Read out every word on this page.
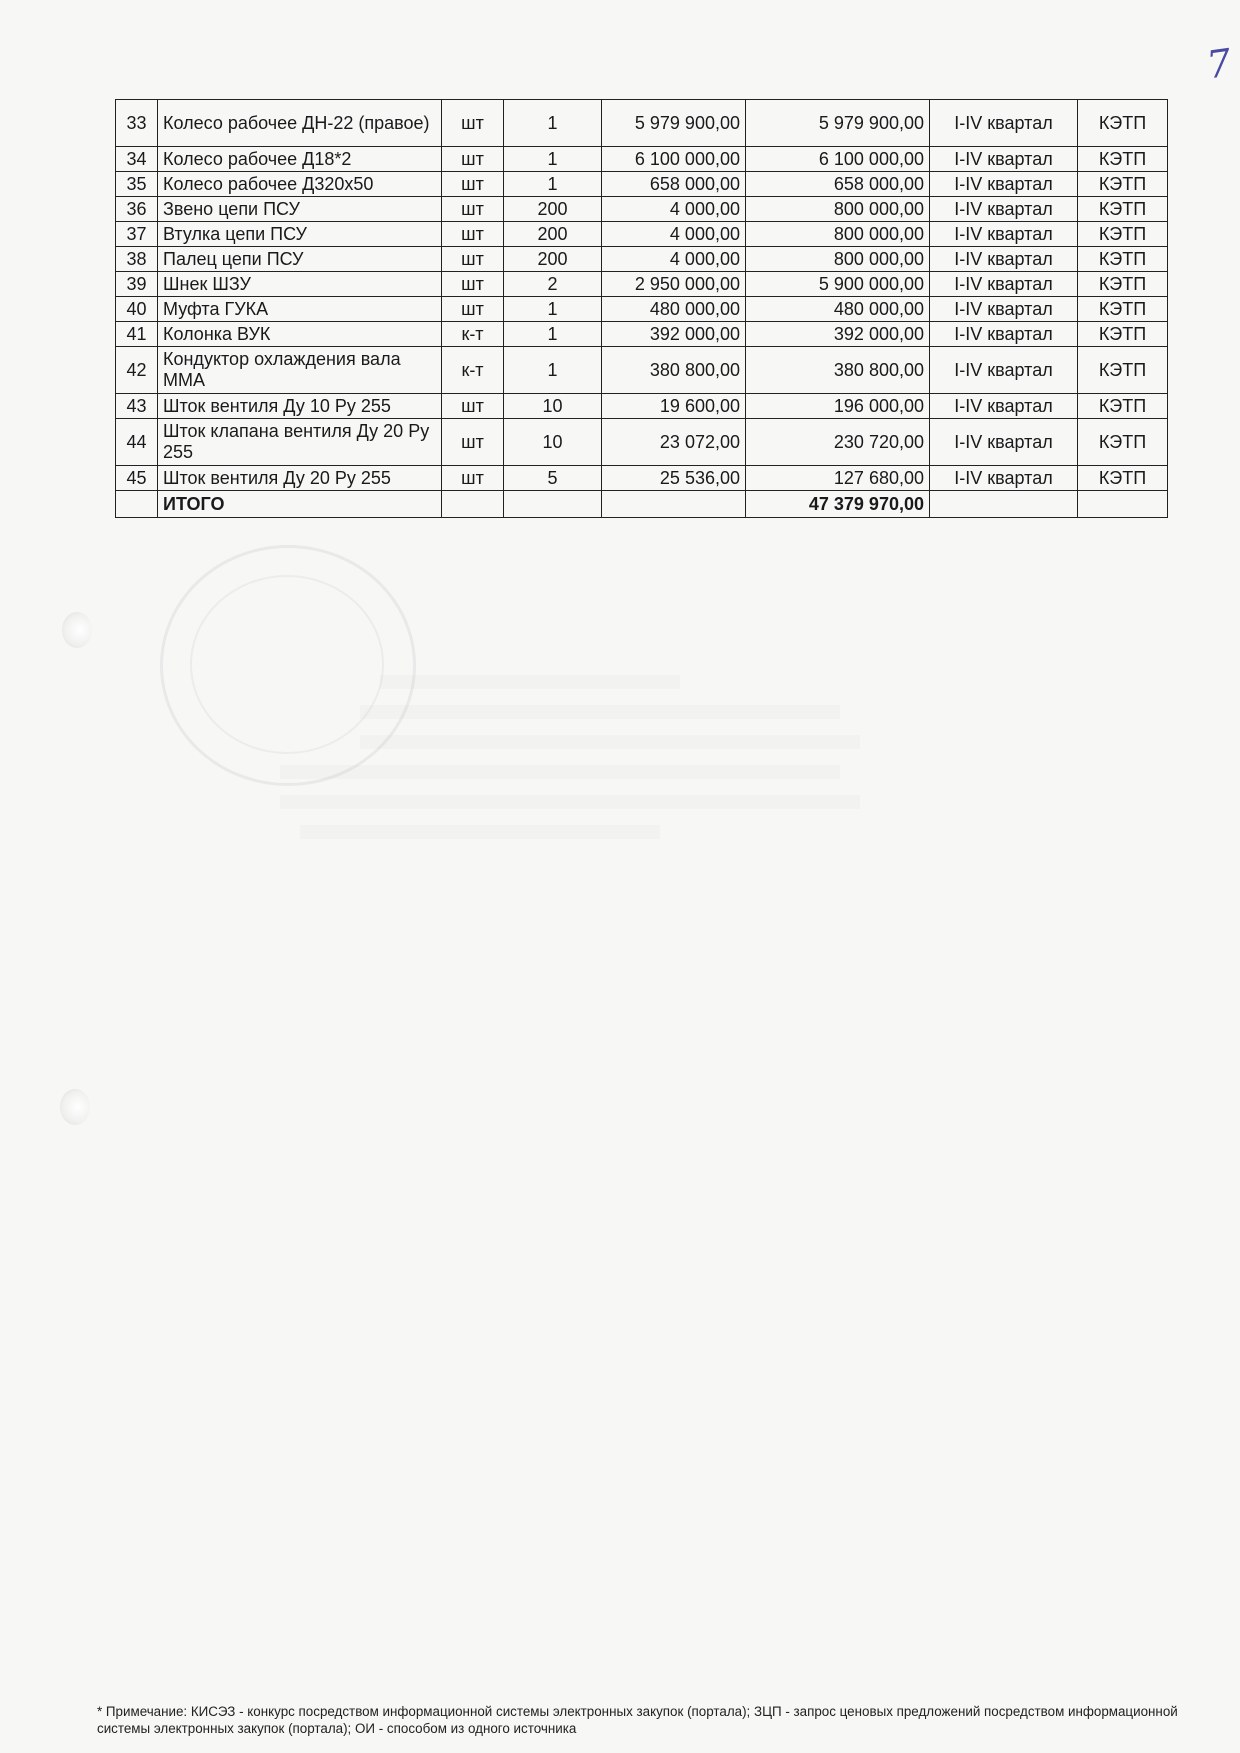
7
33	Колесо рабочее ДН-22 (правое)	шт	1	5 979 900,00	5 979 900,00	I-IV квартал	КЭТП
34	Колесо рабочее Д18*2	шт	1	6 100 000,00	6 100 000,00	I-IV квартал	КЭТП
35	Колесо рабочее Д320х50	шт	1	658 000,00	658 000,00	I-IV квартал	КЭТП
36	Звено цепи ПСУ	шт	200	4 000,00	800 000,00	I-IV квартал	КЭТП
37	Втулка цепи ПСУ	шт	200	4 000,00	800 000,00	I-IV квартал	КЭТП
38	Палец цепи ПСУ	шт	200	4 000,00	800 000,00	I-IV квартал	КЭТП
39	Шнек ШЗУ	шт	2	2 950 000,00	5 900 000,00	I-IV квартал	КЭТП
40	Муфта ГУКА	шт	1	480 000,00	480 000,00	I-IV квартал	КЭТП
41	Колонка ВУК	к-т	1	392 000,00	392 000,00	I-IV квартал	КЭТП
42	Кондуктор охлаждения вала ММА	к-т	1	380 800,00	380 800,00	I-IV квартал	КЭТП
43	Шток вентиля Ду 10 Ру 255	шт	10	19 600,00	196 000,00	I-IV квартал	КЭТП
44	Шток клапана вентиля Ду 20 Ру 255	шт	10	23 072,00	230 720,00	I-IV квартал	КЭТП
45	Шток вентиля Ду 20 Ру 255	шт	5	25 536,00	127 680,00	I-IV квартал	КЭТП
	ИТОГО				47 379 970,00		
* Примечание: КИСЭЗ - конкурс посредством информационной системы электронных закупок (портала); ЗЦП - запрос ценовых предложений посредством информационной системы электронных закупок (портала); ОИ - способом из одного источника
